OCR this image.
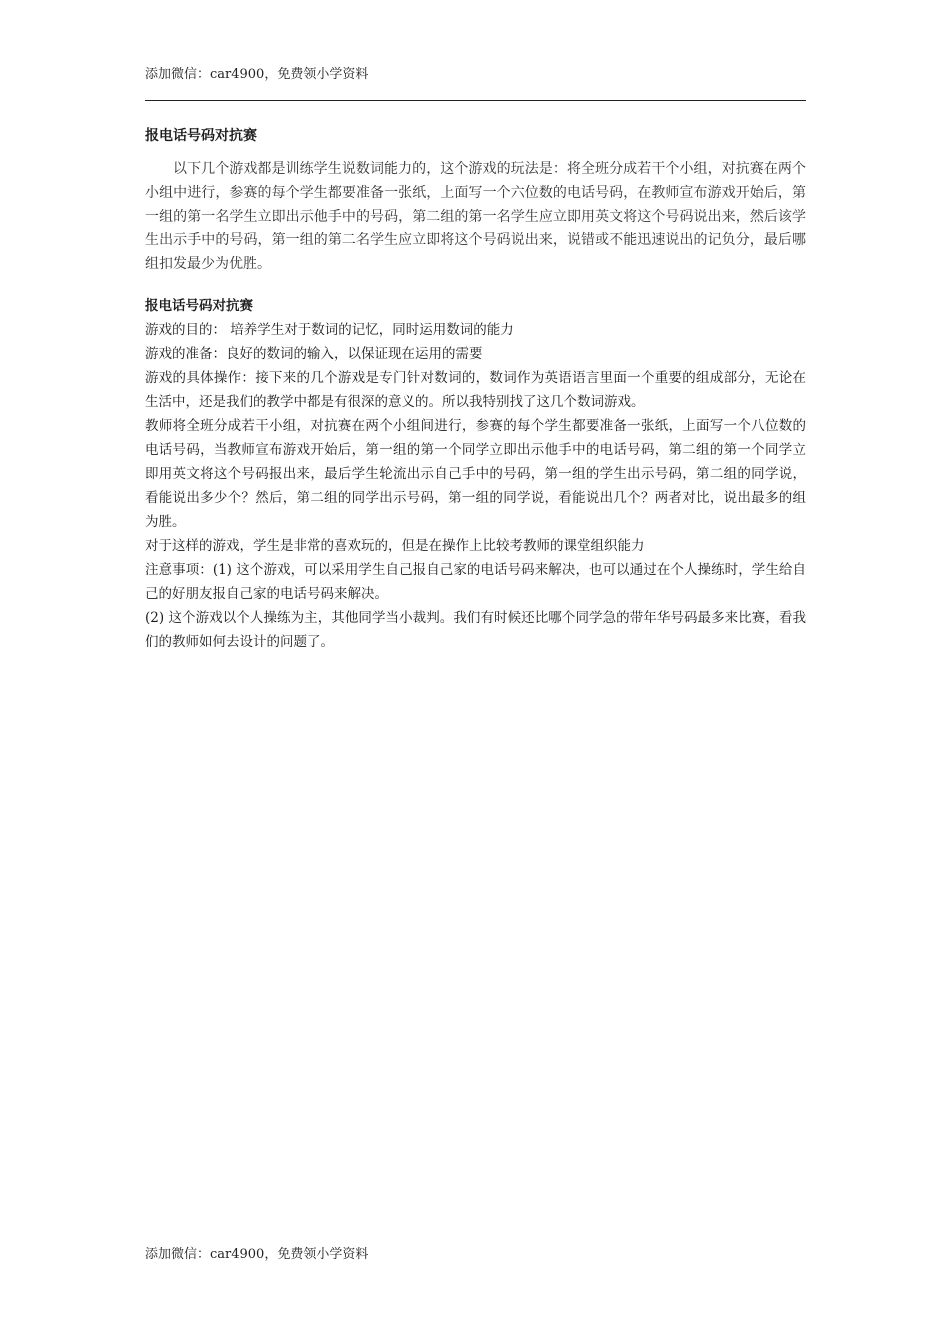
添加微信：car4900，免费领小学资料
报电话号码对抗赛

以下几个游戏都是训练学生说数词能力的，这个游戏的玩法是：将全班分成若干个小组，对抗赛在两个小组中进行，参赛的每个学生都要准备一张纸，上面写一个六位数的电话号码，在教师宣布游戏开始后，第一组的第一名学生立即出示他手中的号码，第二组的第一名学生应立即用英文将这个号码说出来，然后该学生出示手中的号码，第一组的第二名学生应立即将这个号码说出来，说错或不能迅速说出的记负分，最后哪组扣发最少为优胜。

报电话号码对抗赛

游戏的目的： 培养学生对于数词的记忆，同时运用数词的能力

游戏的准备：良好的数词的输入，以保证现在运用的需要

游戏的具体操作：接下来的几个游戏是专门针对数词的，数词作为英语语言里面一个重要的组成部分，无论在生活中，还是我们的教学中都是有很深的意义的。所以我特别找了这几个数词游戏。

教师将全班分成若干小组，对抗赛在两个小组间进行，参赛的每个学生都要准备一张纸，上面写一个八位数的电话号码，当教师宣布游戏开始后，第一组的第一个同学立即出示他手中的电话号码，第二组的第一个同学立即用英文将这个号码报出来，最后学生轮流出示自己手中的号码，第一组的学生出示号码，第二组的同学说，看能说出多少个？然后，第二组的同学出示号码，第一组的同学说，看能说出几个？两者对比，说出最多的组为胜。

对于这样的游戏，学生是非常的喜欢玩的，但是在操作上比较考教师的课堂组织能力

注意事项：(1) 这个游戏，可以采用学生自己报自己家的电话号码来解决，也可以通过在个人操练时，学生给自己的好朋友报自己家的电话号码来解决。

(2) 这个游戏以个人操练为主，其他同学当小裁判。我们有时候还比哪个同学急的带年华号码最多来比赛，看我们的教师如何去设计的问题了。

添加微信：car4900，免费领小学资料
